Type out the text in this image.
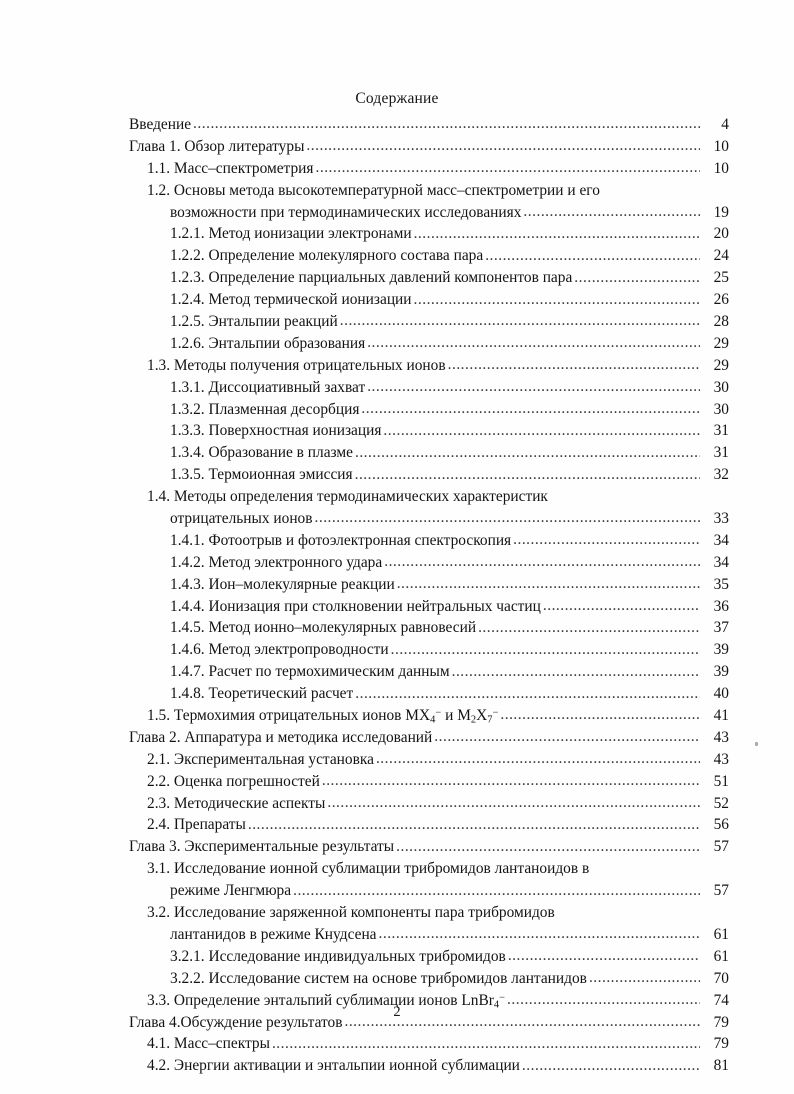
Содержание
Введение .....	4
Глава 1. Обзор литературы .....	10
1.1. Масс–спектрометрия .....	10
1.2. Основы метода высокотемпературной масс–спектрометрии и его
возможности при термодинамических исследованиях .....	19
1.2.1. Метод ионизации электронами .....	20
1.2.2. Определение молекулярного состава пара .....	24
1.2.3. Определение парциальных давлений компонентов пара .....	25
1.2.4. Метод термической ионизации .....	26
1.2.5. Энтальпии реакций .....	28
1.2.6. Энтальпии образования .....	29
1.3. Методы получения отрицательных ионов .....	29
1.3.1. Диссоциативный захват .....	30
1.3.2. Плазменная десорбция .....	30
1.3.3. Поверхностная ионизация .....	31
1.3.4. Образование в плазме .....	31
1.3.5. Термоионная эмиссия .....	32
1.4. Методы определения термодинамических характеристик
отрицательных ионов .....	33
1.4.1. Фотоотрыв и фотоэлектронная спектроскопия .....	34
1.4.2. Метод электронного удара .....	34
1.4.3. Ион–молекулярные реакции .....	35
1.4.4. Ионизация при столкновении нейтральных частиц .....	36
1.4.5. Метод ионно–молекулярных равновесий .....	37
1.4.6. Метод электропроводности .....	39
1.4.7. Расчет по термохимическим данным .....	39
1.4.8. Теоретический расчет .....	40
1.5. Термохимия отрицательных ионов $MX_4^-$ и $M_2X_7^-$ .....	41
Глава 2. Аппаратура и методика исследований .....	43
2.1. Экспериментальная установка .....	43
2.2. Оценка погрешностей .....	51
2.3. Методические аспекты .....	52
2.4. Препараты .....	56
Глава 3. Экспериментальные результаты .....	57
3.1. Исследование ионной сублимации трибромидов лантаноидов в
режиме Ленгмюра .....	57
3.2. Исследование заряженной компоненты пара трибромидов
лантанидов в режиме Кнудсена .....	61
3.2.1. Исследование индивидуальных трибромидов .....	61
3.2.2. Исследование систем на основе трибромидов лантанидов .....	70
3.3. Определение энтальпий сублимации ионов LnBr$_4$− .....	74
Глава 4.Обсуждение результатов .....	79
4.1. Масс–спектры .....	79
4.2. Энергии активации и энтальпии ионной сублимации .....	81
2
